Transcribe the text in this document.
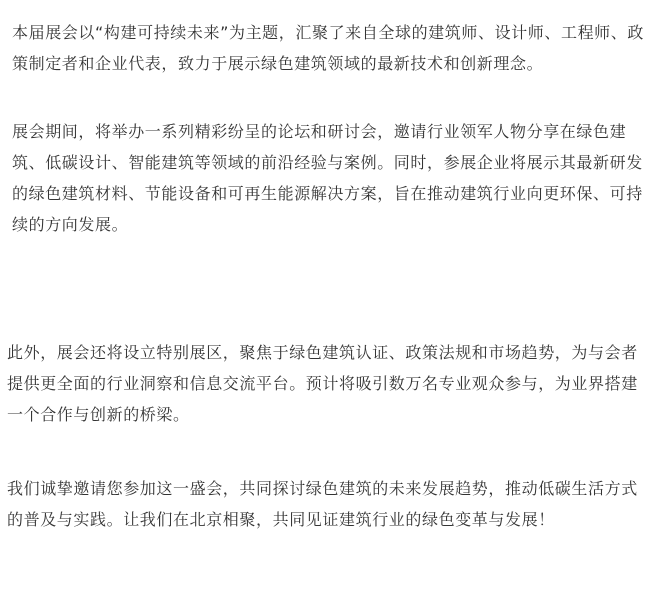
本届展会以“构建可持续未来”为主题，汇聚了来自全球的建筑师、设计师、工程师、政策制定者和企业代表，致力于展示绿色建筑领域的最新技术和创新理念。

展会期间，将举办一系列精彩纷呈的论坛和研讨会，邀请行业领军人物分享在绿色建筑、低碳设计、智能建筑等领域的前沿经验与案例。同时，参展企业将展示其最新研发的绿色建筑材料、节能设备和可再生能源解决方案，旨在推动建筑行业向更环保、可持续的方向发展。

此外，展会还将设立特别展区，聚焦于绿色建筑认证、政策法规和市场趋势，为与会者提供更全面的行业洞察和信息交流平台。预计将吸引数万名专业观众参与，为业界搭建一个合作与创新的桥梁。

我们诚挚邀请您参加这一盛会，共同探讨绿色建筑的未来发展趋势，推动低碳生活方式的普及与实践。让我们在北京相聚，共同见证建筑行业的绿色变革与发展！
